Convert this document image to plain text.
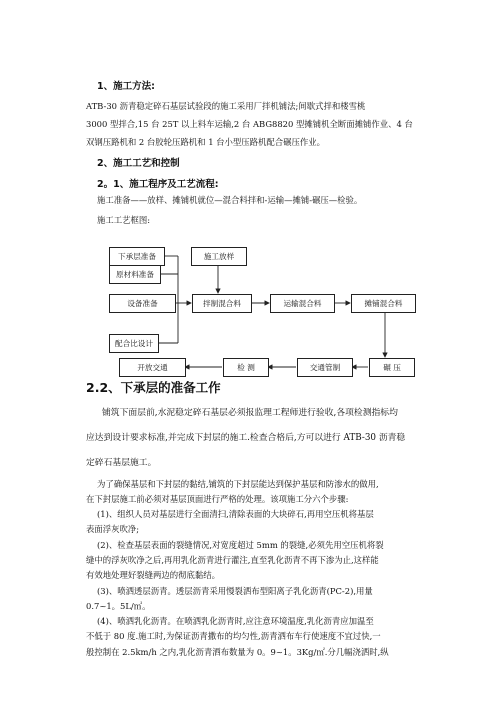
1、施工方法:
ATB-30 沥青稳定碎石基层试验段的施工采用厂拌机铺法;间歇式拌和楼雪桃
3000 型拌合,15 台 25T 以上料车运输,2 台 ABG8820 型摊铺机全断面摊铺作业、4 台
双钢压路机和 2 台胶轮压路机和 1 台小型压路机配合碾压作业。
2、施工工艺和控制
2。1、施工程序及工艺流程:
施工准备——放样、摊铺机就位—混合料拌和-运输—摊铺-碾压—检验。
施工工艺框图:
下承层准备	施工放样
原材料准备
设备准备	拌制混合料	运输混合料	摊铺混合料
配合比设计
开放交通	检 测	交通管制	碾 压
2.2、下承层的准备工作
铺筑下面层前,水泥稳定碎石基层必须报监理工程师进行验收,各项检测指标均
应达到设计要求标准,并完成下封层的施工.检查合格后,方可以进行 ATB-30 沥青稳
定碎石基层施工。
为了确保基层和下封层的黏结,铺筑的下封层能达到保护基层和防渗水的做用,
在下封层施工前必须对基层顶面进行严格的处理。该项施工分六个步骤:
(1)、组织人员对基层进行全面清扫,清除表面的大块碎石,再用空压机将基层
表面浮灰吹净;
(2)、检查基层表面的裂缝情况,对宽度超过 5mm 的裂缝,必须先用空压机将裂
缝中的浮灰吹净之后,再用乳化沥青进行灌注,直至乳化沥青不再下渗为止,这样能
有效地处理好裂缝两边的彻底黏结。
(3)、喷洒透层沥青。透层沥青采用慢裂洒布型阳离子乳化沥青(PC-2),用量
0.7~1。5L/㎡。
(4)、喷洒乳化沥青。在喷洒乳化沥青时,应注意环境温度,乳化沥青应加温至
不低于 80 度.施工时,为保证沥青撒布的均匀性,沥青洒布车行使速度不宜过快,一
般控制在 2.5km/h 之内,乳化沥青洒布数量为 0。9~1。3Kg/㎡.分几幅浇洒时,纵
